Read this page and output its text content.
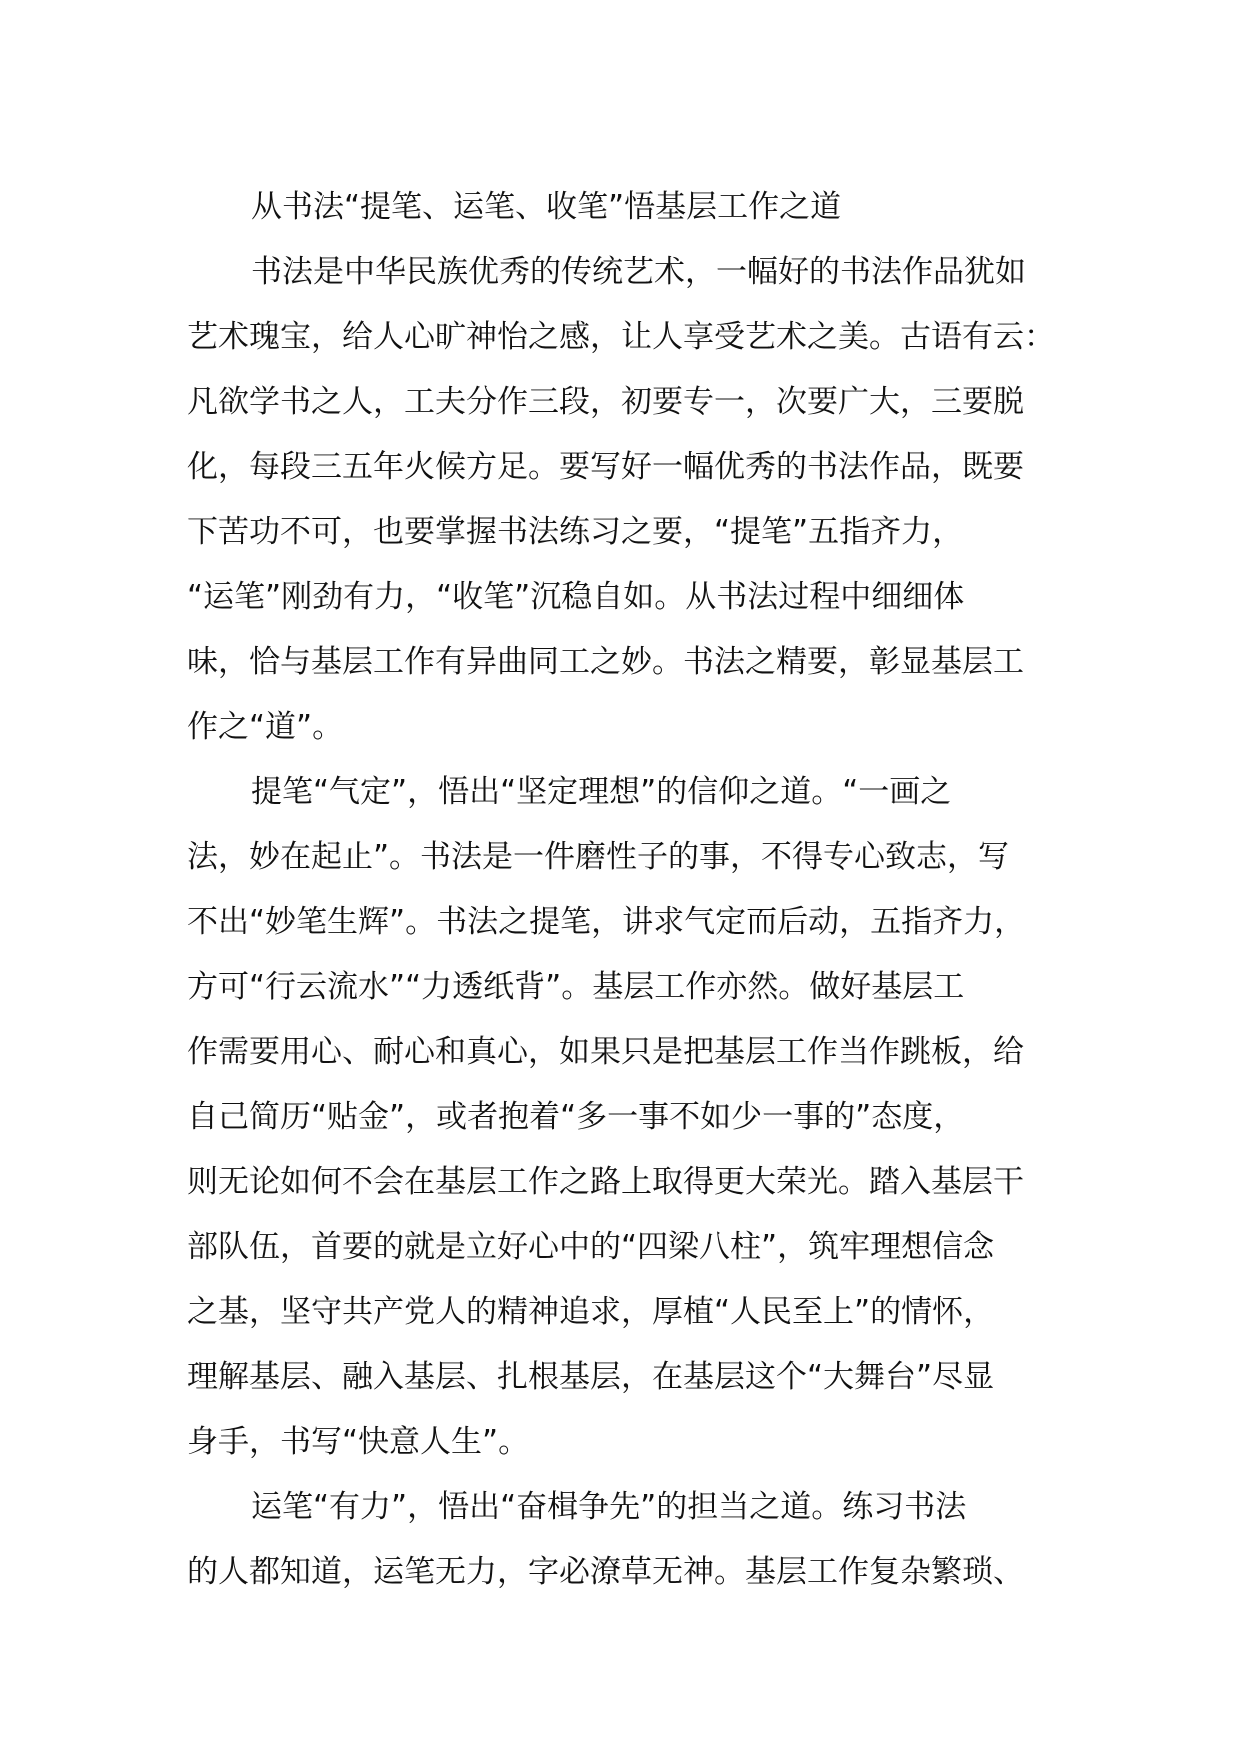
从书法“提笔、运笔、收笔”悟基层工作之道
书法是中华民族优秀的传统艺术，一幅好的书法作品犹如
艺术瑰宝，给人心旷神怡之感，让人享受艺术之美。古语有云：
凡欲学书之人，工夫分作三段，初要专一，次要广大，三要脱
化，每段三五年火候方足。要写好一幅优秀的书法作品，既要
下苦功不可，也要掌握书法练习之要，“提笔”五指齐力，
“运笔”刚劲有力，“收笔”沉稳自如。从书法过程中细细体
味，恰与基层工作有异曲同工之妙。书法之精要，彰显基层工
作之“道”。
提笔“气定”，悟出“坚定理想”的信仰之道。“一画之
法，妙在起止”。书法是一件磨性子的事，不得专心致志，写
不出“妙笔生辉”。书法之提笔，讲求气定而后动，五指齐力，
方可“行云流水”“力透纸背”。基层工作亦然。做好基层工
作需要用心、耐心和真心，如果只是把基层工作当作跳板，给
自己简历“贴金”，或者抱着“多一事不如少一事的”态度，
则无论如何不会在基层工作之路上取得更大荣光。踏入基层干
部队伍，首要的就是立好心中的“四梁八柱”，筑牢理想信念
之基，坚守共产党人的精神追求，厚植“人民至上”的情怀，
理解基层、融入基层、扎根基层，在基层这个“大舞台”尽显
身手，书写“快意人生”。
运笔“有力”，悟出“奋楫争先”的担当之道。练习书法
的人都知道，运笔无力，字必潦草无神。基层工作复杂繁琐、
